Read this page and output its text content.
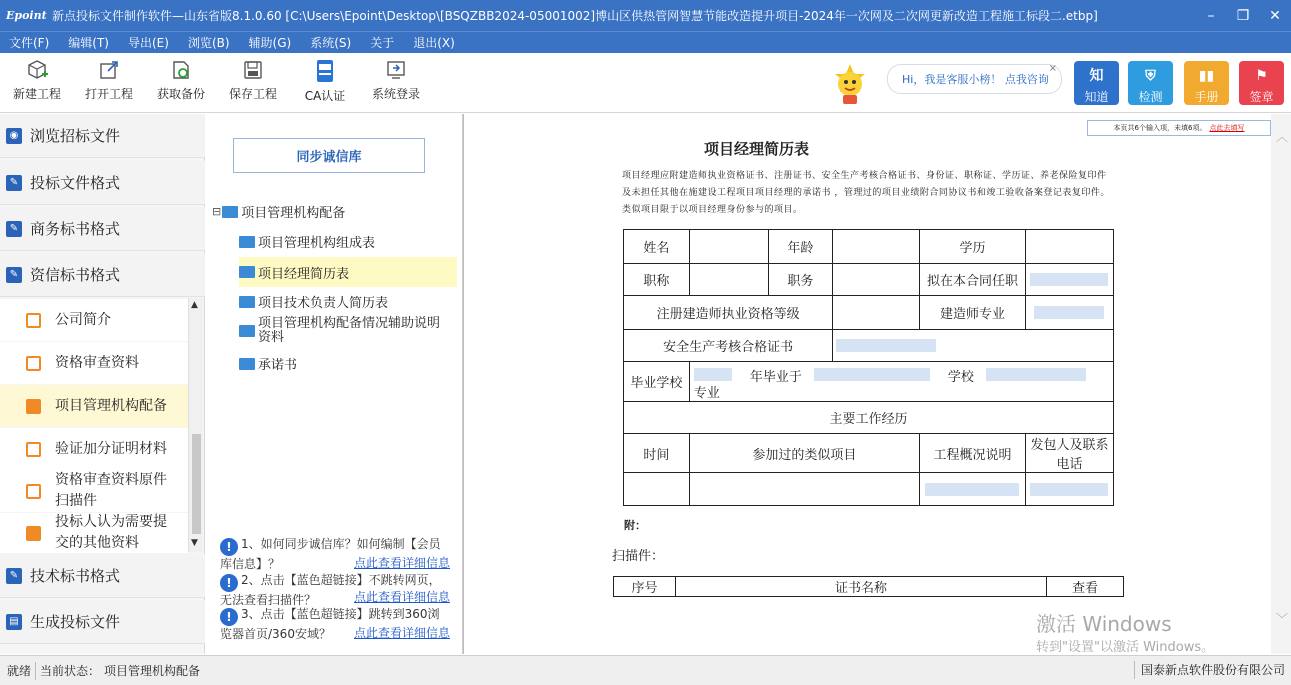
Epoint 新点投标文件制作软件—山东省版8.1.0.60 [C:\Users\Epoint\Desktop\[BSQZBB2024-05001002]博山区供热管网智慧节能改造提升项目-2024年一次网及二次网更新改造工程施工标段二.etbp]	–	❐	✕
文件(F) 编辑(T) 导出(E) 浏览(B) 辅助(G) 系统(S) 关于 退出(X)
新建工程 打开工程 获取备份 保存工程	CA认证	系统登录
Hi，我是客服小榜！ 点我咨询
×	知
知道
⛨
检测
▮▮
手册
⚑
签章
◉ 浏览招标文件
✎ 投标文件格式
✎ 商务标书格式
✎ 资信标书格式
公司简介
资格审查资料
项目管理机构配备
验证加分证明材料
资格审查资料原件扫描件
投标人认为需要提交的其他资料
▲
▼
✎ 技术标书格式
▤ 生成投标文件
同步诚信库
⊟ 项目管理机构配备
项目管理机构组成表
项目经理简历表
项目技术负责人简历表
项目管理机构配备情况辅助说明资料
承诺书
! 1、如何同步诚信库？如何编制【会员库信息】？	点此查看详细信息
! 2、点击【蓝色超链接】不跳转网页，无法查看扫描件？	点此查看详细信息
! 3、点击【蓝色超链接】跳转到360浏览器首页/360安域？ 点此查看详细信息
本页共6个输入项，未填6项。 点此去填写
项目经理简历表
项目经理应附建造师执业资格证书、注册证书、安全生产考核合格证书、身份证、职称证、学历证、养老保险复印件 及未担任其他在施建设工程项目项目经理的承诺书 ，管理过的项目业绩附合同协议书和竣工验收备案登记表复印件。类似项目限于以项目经理身份参与的项目。
姓名		年龄		学历	
职称		职务		拟在本合同任职	
注册建造师执业资格等级				建造师专业	
安全生产考核合格证书					
毕业学校	年毕业于 学校
专业				

主要工作经历					
时间	参加过的类似项目			工程概况说明	发包人及联系电话

附：
扫描件：
序号	证书名称	查看
︿
﹀
激活 Windows
转到"设置"以激活 Windows。
就绪 当前状态： 项目管理机构配备	国泰新点软件股份有限公司
